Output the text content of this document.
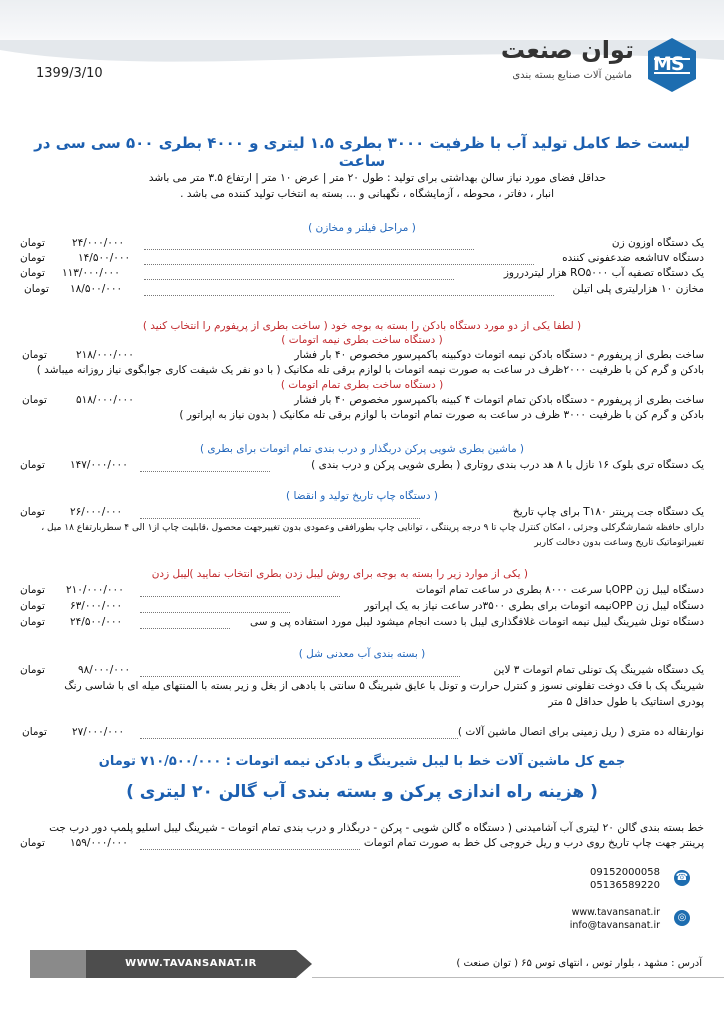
MS
توان صنعت
ماشین آلات صنایع بسته بندی
1399/3/10
لیست خط کامل تولید آب با ظرفیت ۳۰۰۰ بطری ۱.۵ لیتری و ۴۰۰۰ بطری ۵۰۰ سی سی در ساعت
حداقل فضای مورد نیاز سالن بهداشتی برای تولید : طول ۲۰ متر | عرض ۱۰ متر | ارتفاع ۳.۵ متر می باشد
انبار ، دفاتر ، محوطه ، آزمایشگاه ، نگهبانی و ... بسته به انتخاب تولید کننده می باشد .
( مراحل فیلتر و مخازن )
یک دستگاه اوزون زن
۲۴/۰۰۰/۰۰۰
تومان
دستگاه uvاشعه ضدعفونی کننده
۱۴/۵۰۰/۰۰۰
تومان
یک دستگاه تصفیه آب RO۵۰۰۰ هزار لیتردرروز
۱۱۳/۰۰۰/۰۰۰
تومان
مخازن ۱۰ هزارلیتری پلی اتیلن
۱۸/۵۰۰/۰۰۰
تومان
( لطفا یکی از دو مورد دستگاه بادکن را بسته به بوجه خود ( ساخت بطری از پریفورم را انتخاب کنید )
( دستگاه ساخت بطری نیمه اتومات )
ساخت بطری از پریفورم - دستگاه بادکن نیمه اتومات دوکبینه باکمپرسور مخصوص ۴۰ بار فشار
۲۱۸/۰۰۰/۰۰۰
تومان
بادکن و گرم کن با ظرفیت ۲۰۰۰ظرف در ساعت به صورت نیمه اتومات با لوازم برقی تله مکانیک ( با دو نفر یک شیفت کاری جوابگوی نیاز روزانه میباشد )
( دستگاه ساخت بطری تمام اتومات )
ساخت بطری از پریفورم - دستگاه بادکن تمام اتومات ۴ کبینه باکمپرسور مخصوص ۴۰ بار فشار
۵۱۸/۰۰۰/۰۰۰
تومان
بادکن و گرم کن با ظرفیت ۳۰۰۰ ظرف در ساعت به صورت تمام اتومات با لوازم برقی تله مکانیک ( بدون نیاز به اپراتور )
( ماشین بطری شویی پرکن دربگذار و درب بندی تمام اتومات برای بطری )
یک دستگاه تری بلوک ۱۶ نازل با ۸ هد درب بندی روتاری ( بطری شویی پرکن و درب بندی )
۱۴۷/۰۰۰/۰۰۰
تومان
( دستگاه چاپ تاریخ تولید و انقضا )
یک دستگاه جت پرینتر T۱۸۰ برای چاپ تاریخ
۲۶/۰۰۰/۰۰۰
تومان
دارای حافظه شمارشگرکلی وجزئی ، امکان کنترل چاپ تا ۹ درجه پرینتگی ، توانایی چاپ بطورافقی وعمودی بدون تغییرجهت محصول ،قابلیت چاپ از۱ الی ۴ سطربا‌رتفاع ۱۸ میل ،
تغییراتوماتیک تاریخ وساعت بدون دخالت کاربر
( یکی از موارد زیر را بسته به بوجه برای روش لیبل زدن بطری انتخاب نمایید )
لیبل زدن
دستگاه لیبل زن OPPبا سرعت ۸۰۰۰ بطری در ساعت تمام اتومات
۲۱۰/۰۰۰/۰۰۰
تومان
دستگاه لیبل زن OPPنیمه اتومات برای بطری ۳۵۰۰در ساعت نیاز به یک اپراتور
۶۳/۰۰۰/۰۰۰
تومان
دستگاه تونل شیرینگ لیبل نیمه اتومات غلافگذاری لیبل با دست انجام میشود لیبل مورد استفاده پی و سی
۲۴/۵۰۰/۰۰۰
تومان
( بسته بندی آب معدنی شل )
یک دستگاه شیرینگ پک تونلی تمام اتومات ۳ لاین
۹۸/۰۰۰/۰۰۰
تومان
شیرینگ پک با فک دوخت تفلونی نسوز و کنترل حرارت و تونل با عایق شیرینگ ۵ سانتی با بادهی از بغل و زیر بسته با المنتهای میله ای با شاسی رنگ
پودری استاتیک با طول حداقل ۵ متر
نوارنقاله ده متری ( ریل زمینی برای اتصال ماشین آلات )
۲۷/۰۰۰/۰۰۰
تومان
جمع کل ماشین آلات خط با لیبل شیرینگ و بادکن نیمه اتومات : ۷۱۰/۵۰۰/۰۰۰ تومان
( هزینه راه اندازی پرکن و بسته بندی آب گالن ۲۰ لیتری )
خط بسته بندی گالن ۲۰ لیتری آب آشامیدنی ( دستگاه ه گالن شویی - پرکن - دربگذار و درب بندی تمام اتومات - شیرینگ لیبل اسلیو پلمپ دور درب جت
پرینتر جهت چاپ تاریخ روی درب و ریل خروجی کل خط به صورت تمام اتومات
۱۵۹/۰۰۰/۰۰۰
تومان
☎
09152000058
05136589220
◎
www.tavansanat.ir
info@tavansanat.ir
WWW.TAVANSANAT.IR	آدرس : مشهد ، بلوار توس ، انتهای توس ۶۵ ( توان صنعت )
